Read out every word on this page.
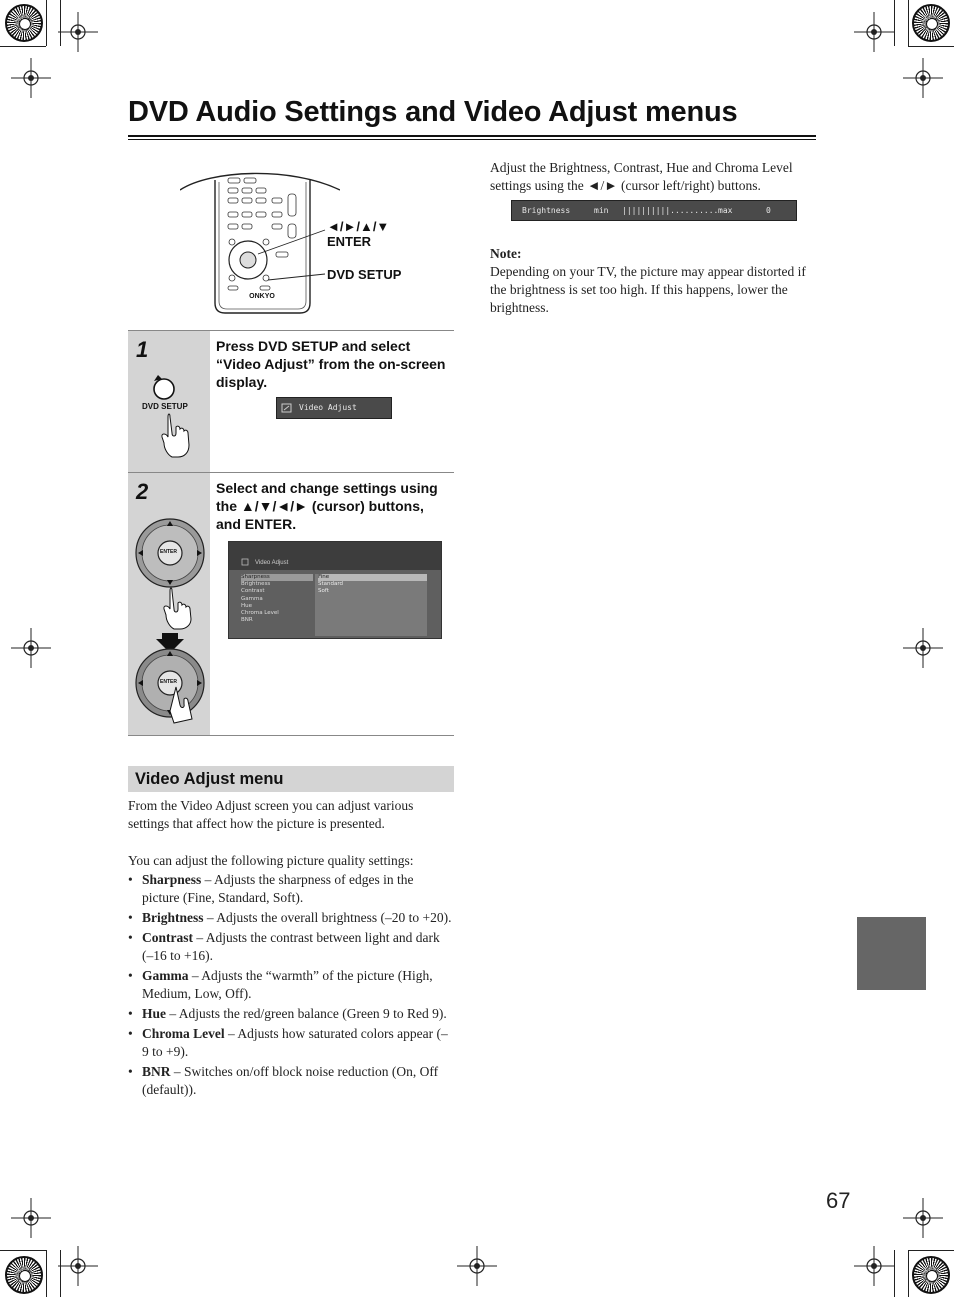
DVD Audio Settings and Video Adjust menus
ONKYO
◄/►/▲/▼
ENTER
DVD SETUP
1
DVD SETUP
Press DVD SETUP and select “Video Adjust” from the on-screen display.
Video Adjust
2
ENTER
ENTER
Select and change settings using the ▲/▼/◄/► (cursor) buttons, and ENTER.
Video Adjust
Sharpness
Brightness
Contrast
Gamma
Hue
Chroma Level
BNR
Fine
Standard
Soft
Video Adjust menu

From the Video Adjust screen you can adjust various settings that affect how the picture is presented.

You can adjust the following picture quality settings:

• Sharpness – Adjusts the sharpness of edges in the picture (Fine, Standard, Soft).
• Brightness – Adjusts the overall brightness (–20 to +20).
• Contrast – Adjusts the contrast between light and dark (–16 to +16).
• Gamma – Adjusts the “warmth” of the picture (High, Medium, Low, Off).
• Hue – Adjusts the red/green balance (Green 9 to Red 9).
• Chroma Level – Adjusts how saturated colors appear (–9 to +9).
• BNR – Switches on/off block noise reduction (On, Off (default)).
Adjust the Brightness, Contrast, Hue and Chroma Level settings using the ◄/► (cursor left/right) buttons.
Brightness	min ||||||||||.......... max	0
Note:
Depending on your TV, the picture may appear distorted if the brightness is set too high. If this happens, lower the brightness.
67
